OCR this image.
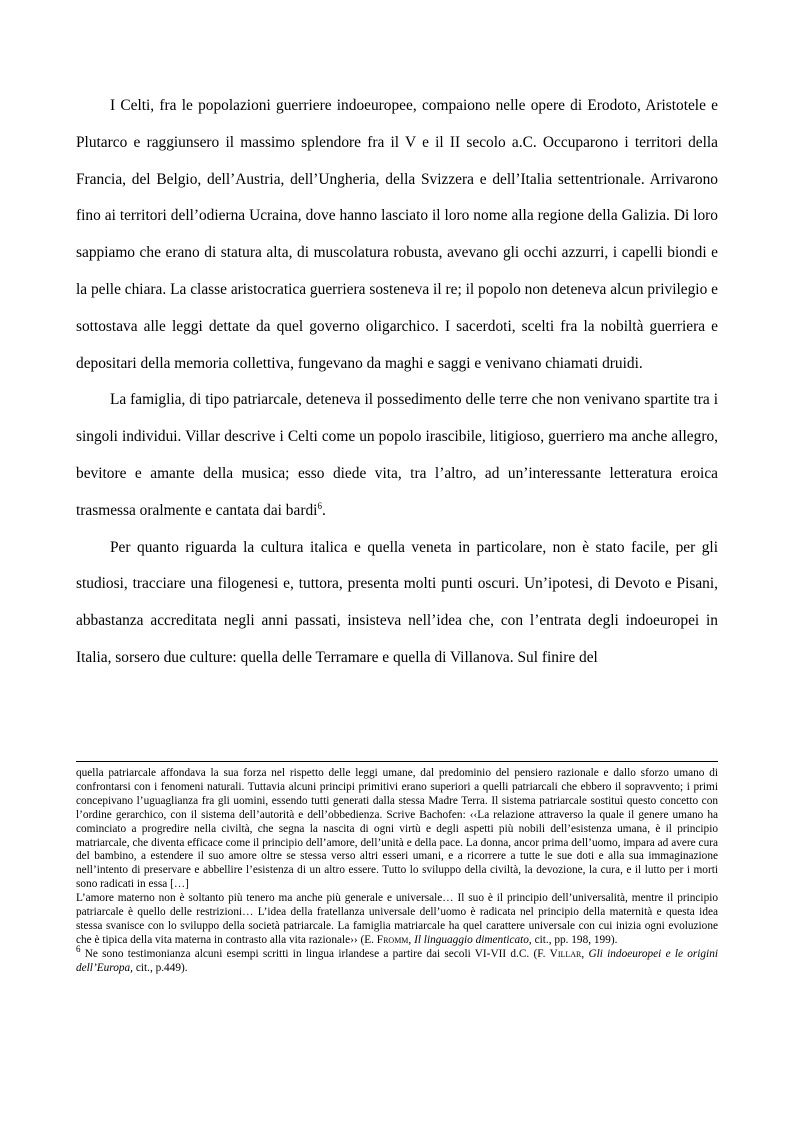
I Celti, fra le popolazioni guerriere indoeuropee, compaiono nelle opere di Erodoto, Aristotele e Plutarco e raggiunsero il massimo splendore fra il V e il II secolo a.C. Occuparono i territori della Francia, del Belgio, dell’Austria, dell’Ungheria, della Svizzera e dell’Italia settentrionale. Arrivarono fino ai territori dell’odierna Ucraina, dove hanno lasciato il loro nome alla regione della Galizia. Di loro sappiamo che erano di statura alta, di muscolatura robusta, avevano gli occhi azzurri, i capelli biondi e la pelle chiara. La classe aristocratica guerriera sosteneva il re; il popolo non deteneva alcun privilegio e sottostava alle leggi dettate da quel governo oligarchico. I sacerdoti, scelti fra la nobiltà guerriera e depositari della memoria collettiva, fungevano da maghi e saggi e venivano chiamati druidi.

La famiglia, di tipo patriarcale, deteneva il possedimento delle terre che non venivano spartite tra i singoli individui. Villar descrive i Celti come un popolo irascibile, litigioso, guerriero ma anche allegro, bevitore e amante della musica; esso diede vita, tra l’altro, ad un’interessante letteratura eroica trasmessa oralmente e cantata dai bardi$^6$.

Per quanto riguarda la cultura italica e quella veneta in particolare, non è stato facile, per gli studiosi, tracciare una filogenesi e, tuttora, presenta molti punti oscuri. Un’ipotesi, di Devoto e Pisani, abbastanza accreditata negli anni passati, insisteva nell’idea che, con l’entrata degli indoeuropei in Italia, sorsero due culture: quella delle Terramare e quella di Villanova. Sul finire del

quella patriarcale affondava la sua forza nel rispetto delle leggi umane, dal predominio del pensiero razionale e dallo sforzo umano di confrontarsi con i fenomeni naturali. Tuttavia alcuni principi primitivi erano superiori a quelli patriarcali che ebbero il sopravvento; i primi concepivano l’uguaglianza fra gli uomini, essendo tutti generati dalla stessa Madre Terra. Il sistema patriarcale sostituì questo concetto con l’ordine gerarchico, con il sistema dell’autorità e dell’obbedienza. Scrive Bachofen: ‹‹La relazione attraverso la quale il genere umano ha cominciato a progredire nella civiltà, che segna la nascita di ogni virtù e degli aspetti più nobili dell’esistenza umana, è il principio matriarcale, che diventa efficace come il principio dell’amore, dell’unità e della pace. La donna, ancor prima dell’uomo, impara ad avere cura del bambino, a estendere il suo amore oltre se stessa verso altri esseri umani, e a ricorrere a tutte le sue doti e alla sua immaginazione nell’intento di preservare e abbellire l’esistenza di un altro essere. Tutto lo sviluppo della civiltà, la devozione, la cura, e il lutto per i morti sono radicati in essa […]

L’amore materno non è soltanto più tenero ma anche più generale e universale… Il suo è il principio dell’universalità, mentre il principio patriarcale è quello delle restrizioni… L’idea della fratellanza universale dell’uomo è radicata nel principio della maternità e questa idea stessa svanisce con lo sviluppo della società patriarcale. La famiglia matriarcale ha quel carattere universale con cui inizia ogni evoluzione che è tipica della vita materna in contrasto alla vita razionale›› (E. Fromm, Il linguaggio dimenticato, cit., pp. 198, 199).

$^6$ Ne sono testimonianza alcuni esempi scritti in lingua irlandese a partire dai secoli VI-VII d.C. (F. Villar, Gli indoeuropei e le origini dell’Europa, cit., p.449).
